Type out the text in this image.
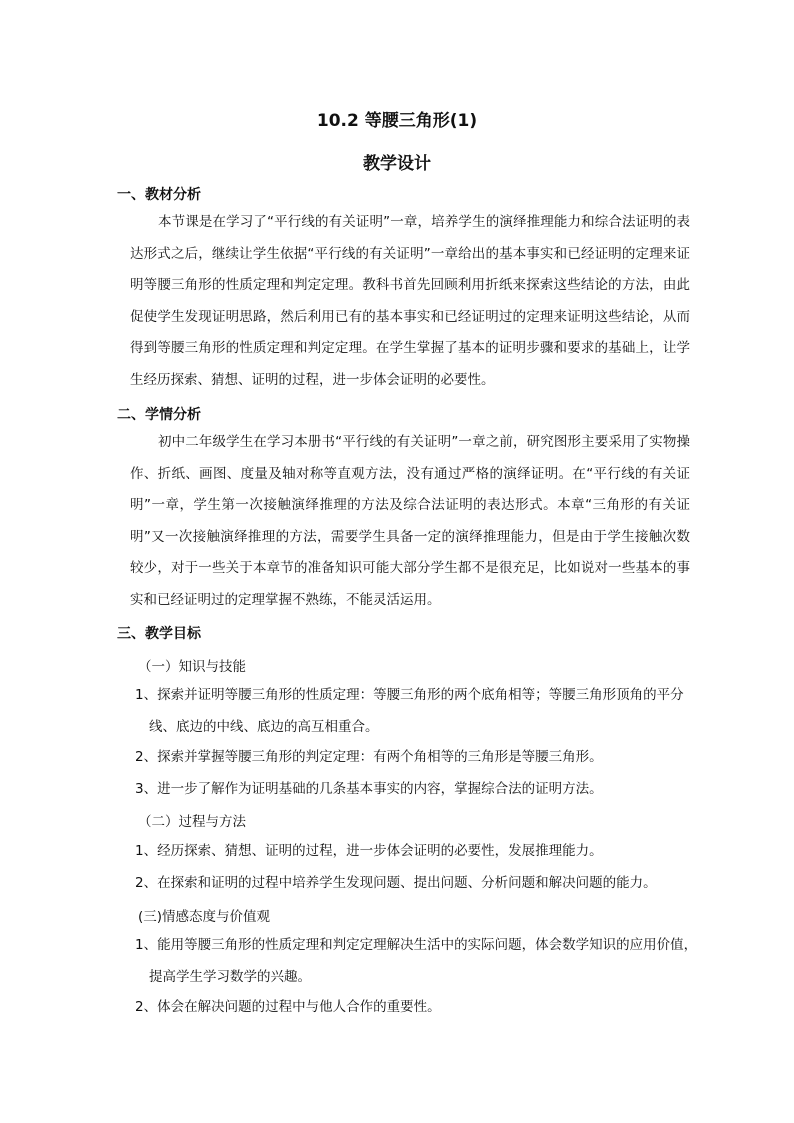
10.2 等腰三角形(1)
教学设计
一、教材分析

本节课是在学习了“平行线的有关证明”一章，培养学生的演绎推理能力和综合法证明的表达形式之后，继续让学生依据“平行线的有关证明”一章给出的基本事实和已经证明的定理来证明等腰三角形的性质定理和判定定理。教科书首先回顾利用折纸来探索这些结论的方法，由此促使学生发现证明思路，然后利用已有的基本事实和已经证明过的定理来证明这些结论，从而得到等腰三角形的性质定理和判定定理。在学生掌握了基本的证明步骤和要求的基础上，让学生经历探索、猜想、证明的过程，进一步体会证明的必要性。

二、学情分析

初中二年级学生在学习本册书“平行线的有关证明”一章之前，研究图形主要采用了实物操作、折纸、画图、度量及轴对称等直观方法，没有通过严格的演绎证明。在“平行线的有关证明”一章，学生第一次接触演绎推理的方法及综合法证明的表达形式。本章“三角形的有关证明”又一次接触演绎推理的方法，需要学生具备一定的演绎推理能力，但是由于学生接触次数较少，对于一些关于本章节的准备知识可能大部分学生都不是很充足，比如说对一些基本的事实和已经证明过的定理掌握不熟练，不能灵活运用。

三、教学目标
（一）知识与技能

1、探索并证明等腰三角形的性质定理：等腰三角形的两个底角相等；等腰三角形顶角的平分线、底边的中线、底边的高互相重合。

2、探索并掌握等腰三角形的判定定理：有两个角相等的三角形是等腰三角形。

3、进一步了解作为证明基础的几条基本事实的内容，掌握综合法的证明方法。

（二）过程与方法

1、经历探索、猜想、证明的过程，进一步体会证明的必要性，发展推理能力。

2、在探索和证明的过程中培养学生发现问题、提出问题、分析问题和解决问题的能力。

(三)情感态度与价值观

1、能用等腰三角形的性质定理和判定定理解决生活中的实际问题，体会数学知识的应用价值，提高学生学习数学的兴趣。

2、体会在解决问题的过程中与他人合作的重要性。
